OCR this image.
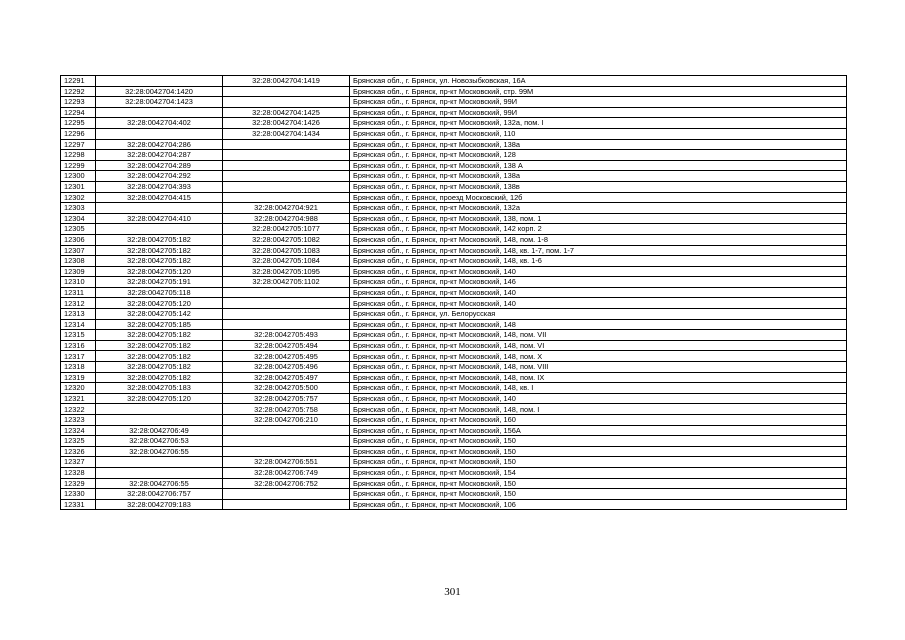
12291		32:28:0042704:1419	Брянская обл., г. Брянск, ул. Новозыбковская, 16А
12292	32:28:0042704:1420		Брянская обл., г. Брянск, пр-кт Московский, стр. 99М
12293	32:28:0042704:1423		Брянская обл., г. Брянск, пр-кт Московский, 99И
12294		32:28:0042704:1425	Брянская обл., г. Брянск, пр-кт Московский, 99И
12295	32:28:0042704:402	32:28:0042704:1426	Брянская обл., г. Брянск, пр-кт Московский, 132а, пом. I
12296		32:28:0042704:1434	Брянская обл., г. Брянск, пр-кт Московский, 110
12297	32:28:0042704:286		Брянская обл., г. Брянск, пр-кт Московский, 138а
12298	32:28:0042704:287		Брянская обл., г. Брянск, пр-кт Московский, 128
12299	32:28:0042704:289		Брянская обл., г. Брянск, пр-кт Московский, 138 А
12300	32:28:0042704:292		Брянская обл., г. Брянск, пр-кт Московский, 138а
12301	32:28:0042704:393		Брянская обл., г. Брянск, пр-кт Московский, 138в
12302	32:28:0042704:415		Брянская обл., г. Брянск, проезд Московский, 12б
12303		32:28:0042704:921	Брянская обл., г. Брянск, пр-кт Московский, 132а
12304	32:28:0042704:410	32:28:0042704:988	Брянская обл., г. Брянск, пр-кт Московский, 138, пом. 1
12305		32:28:0042705:1077	Брянская обл., г. Брянск, пр-кт Московский, 142 корп. 2
12306	32:28:0042705:182	32:28:0042705:1082	Брянская обл., г. Брянск, пр-кт Московский, 148, пом. 1-8
12307	32:28:0042705:182	32:28:0042705:1083	Брянская обл., г. Брянск, пр-кт Московский, 148, кв. 1-7, пом. 1-7
12308	32:28:0042705:182	32:28:0042705:1084	Брянская обл., г. Брянск, пр-кт Московский, 148, кв. 1-6
12309	32:28:0042705:120	32:28:0042705:1095	Брянская обл., г. Брянск, пр-кт Московский, 140
12310	32:28:0042705:191	32:28:0042705:1102	Брянская обл., г. Брянск, пр-кт Московский, 146
12311	32:28:0042705:118		Брянская обл., г. Брянск, пр-кт Московский, 140
12312	32:28:0042705:120		Брянская обл., г. Брянск, пр-кт Московский, 140
12313	32:28:0042705:142		Брянская обл., г. Брянск, ул. Белорусская
12314	32:28:0042705:185		Брянская обл., г. Брянск, пр-кт Московский, 148
12315	32:28:0042705:182	32:28:0042705:493	Брянская обл., г. Брянск, пр-кт Московский, 148, пом. VII
12316	32:28:0042705:182	32:28:0042705:494	Брянская обл., г. Брянск, пр-кт Московский, 148, пом. VI
12317	32:28:0042705:182	32:28:0042705:495	Брянская обл., г. Брянск, пр-кт Московский, 148, пом. X
12318	32:28:0042705:182	32:28:0042705:496	Брянская обл., г. Брянск, пр-кт Московский, 148, пом. VIII
12319	32:28:0042705:182	32:28:0042705:497	Брянская обл., г. Брянск, пр-кт Московский, 148, пом. IX
12320	32:28:0042705:183	32:28:0042705:500	Брянская обл., г. Брянск, пр-кт Московский, 148, кв. I
12321	32:28:0042705:120	32:28:0042705:757	Брянская обл., г. Брянск, пр-кт Московский, 140
12322		32:28:0042705:758	Брянская обл., г. Брянск, пр-кт Московский, 148, пом. I
12323		32:28:0042706:210	Брянская обл., г. Брянск, пр-кт Московский, 160
12324	32:28:0042706:49		Брянская обл., г. Брянск, пр-кт Московский, 156А
12325	32:28:0042706:53		Брянская обл., г. Брянск, пр-кт Московский, 150
12326	32:28:0042706:55		Брянская обл., г. Брянск, пр-кт Московский, 150
12327		32:28:0042706:551	Брянская обл., г. Брянск, пр-кт Московский, 150
12328		32:28:0042706:749	Брянская обл., г. Брянск, пр-кт Московский, 154
12329	32:28:0042706:55	32:28:0042706:752	Брянская обл., г. Брянск, пр-кт Московский, 150
12330	32:28:0042706:757		Брянская обл., г. Брянск, пр-кт Московский, 150
12331	32:28:0042709:183		Брянская обл., г. Брянск, пр-кт Московский, 106
301
